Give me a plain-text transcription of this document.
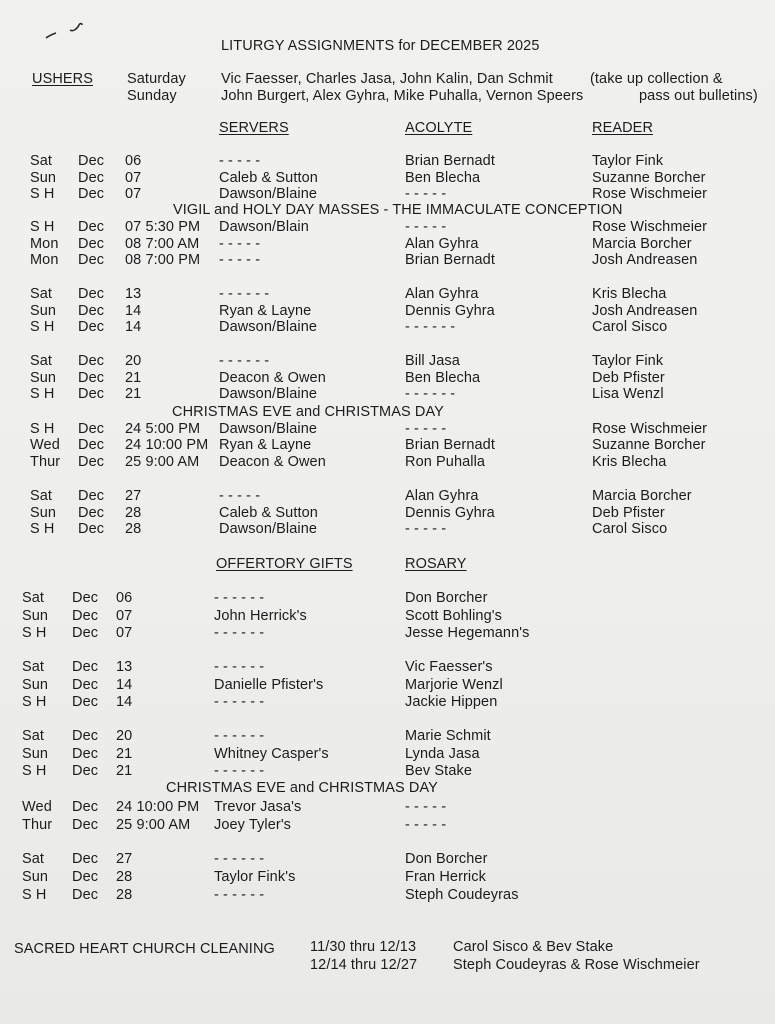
LITURGY ASSIGNMENTS for DECEMBER 2025
USHERS Saturday Vic Faesser, Charles Jasa, John Kalin, Dan Schmit
Sunday	John Burgert, Alex Gyhra, Mike Puhalla, Vernon Speers
(take up collection &
pass out bulletins)
SERVERS	ACOLYTE	READER
OFFERTORY GIFTS	ROSARY
SACRED HEART CHURCH CLEANING 11/30 thru 12/13	Carol Sisco & Bev Stake
12/14 thru 12/27 Steph Coudeyras & Rose Wischmeier
Sat Dec 06	- - - - -	Brian Bernadt	Taylor Fink
Sun Dec 07	Caleb & Sutton	Ben Blecha	Suzanne Borcher
S H Dec 07	Dawson/Blaine	- - - - -	Rose Wischmeier
VIGIL and HOLY DAY MASSES - THE IMMACULATE CONCEPTION
S H Dec 07 5:30 PM Dawson/Blain	- - - - -	Rose Wischmeier
Mon Dec 08 7:00 AM - - - - -	Alan Gyhra	Marcia Borcher
Mon Dec 08 7:00 PM - - - - -	Brian Bernadt	Josh Andreasen
Sat Dec 13	- - - - - -	Alan Gyhra	Kris Blecha
Sun Dec 14	Ryan & Layne	Dennis Gyhra	Josh Andreasen
S H Dec 14	Dawson/Blaine	- - - - - -	Carol Sisco
Sat Dec 20	- - - - - -	Bill Jasa	Taylor Fink
Sun Dec 21	Deacon & Owen	Ben Blecha	Deb Pfister
S H Dec 21	Dawson/Blaine	- - - - - -	Lisa Wenzl
CHRISTMAS EVE and CHRISTMAS DAY
S H Dec 24 5:00 PM Dawson/Blaine	- - - - -	Rose Wischmeier
Wed Dec 24 10:00 PM Ryan & Layne	Brian Bernadt	Suzanne Borcher
Thur Dec 25 9:00 AM Deacon & Owen	Ron Puhalla	Kris Blecha
Sat Dec 27	- - - - -	Alan Gyhra	Marcia Borcher
Sun Dec 28	Caleb & Sutton	Dennis Gyhra	Deb Pfister
S H Dec 28	Dawson/Blaine	- - - - -	Carol Sisco
Sat Dec 06	- - - - - -	Don Borcher
Sun Dec 07	John Herrick's	Scott Bohling's
S H Dec 07	- - - - - -	Jesse Hegemann's
Sat Dec 13	- - - - - -	Vic Faesser's
Sun Dec 14	Danielle Pfister's	Marjorie Wenzl
S H Dec 14	- - - - - -	Jackie Hippen
Sat Dec 20	- - - - - -	Marie Schmit
Sun Dec 21	Whitney Casper's	Lynda Jasa
S H Dec 21	- - - - - -	Bev Stake
CHRISTMAS EVE and CHRISTMAS DAY
Wed Dec 24 10:00 PM Trevor Jasa's	- - - - -
Thur Dec 25 9:00 AM Joey Tyler's	- - - - -
Sat Dec 27	- - - - - -	Don Borcher
Sun Dec 28	Taylor Fink's	Fran Herrick
S H Dec 28	- - - - - -	Steph Coudeyras
